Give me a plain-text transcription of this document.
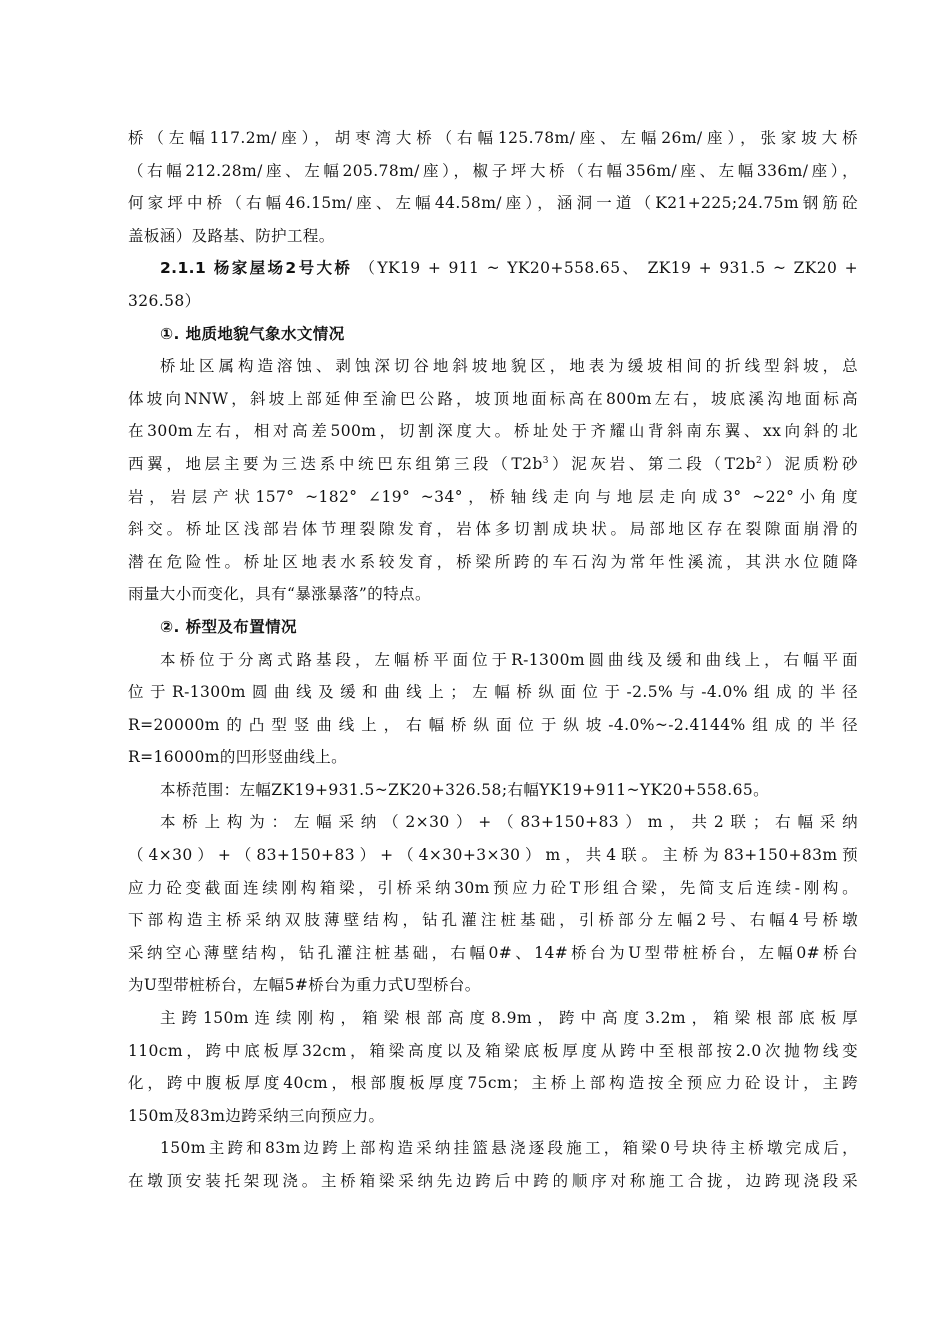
桥（左幅117.2m/座），胡枣湾大桥（右幅125.78m/座、左幅26m/座），张家坡大桥
（右幅212.28m/座、左幅205.78m/座），椒子坪大桥（右幅356m/座、左幅336m/座），
何家坪中桥（右幅46.15m/座、左幅44.58m/座），涵洞一道（K21+225;24.75m钢筋砼
盖板涵）及路基、防护工程。
2.1.1 杨家屋场2号大桥 （YK19 + 911 ~ YK20+558.65、 ZK19 + 931.5 ~ ZK20 +
326.58）
①. 地质地貌气象水文情况
桥址区属构造溶蚀、剥蚀深切谷地斜坡地貌区，地表为缓坡相间的折线型斜坡，总
体坡向NNW，斜坡上部延伸至渝巴公路，坡顶地面标高在800m左右，坡底溪沟地面标高
在300m左右，相对高差500m，切割深度大。桥址处于齐耀山背斜南东翼、xx向斜的北
西翼，地层主要为三迭系中统巴东组第三段$(T2b^3)$泥灰岩、第二段$(T2b^2)$泥质粉砂
岩，岩层产状157° ~182° ∠19° ~34°，桥轴线走向与地层走向成3° ~22°小角度
斜交。桥址区浅部岩体节理裂隙发育，岩体多切割成块状。局部地区存在裂隙面崩滑的
潜在危险性。桥址区地表水系较发育，桥梁所跨的车石沟为常年性溪流，其洪水位随降
雨量大小而变化，具有“暴涨暴落”的特点。
②. 桥型及布置情况
本桥位于分离式路基段，左幅桥平面位于R-1300m圆曲线及缓和曲线上，右幅平面
位于R-1300m圆曲线及缓和曲线上；左幅桥纵面位于-2.5%与-4.0%组成的半径
R=20000m的凸型竖曲线上，右幅桥纵面位于纵坡-4.0%~-2.4144%组成的半径
R=16000m的凹形竖曲线上。
本桥范围：左幅ZK19+931.5~ZK20+326.58;右幅YK19+911~YK20+558.65。
本桥上构为：左幅采纳（2×30）+（83+150+83）m，共2联；右幅采纳
（4×30）+（83+150+83）+（4×30+3×30）m，共4联。主桥为83+150+83m预
应力砼变截面连续刚构箱梁，引桥采纳30m预应力砼T形组合梁，先简支后连续-刚构。
下部构造主桥采纳双肢薄壁结构，钻孔灌注桩基础，引桥部分左幅2号、右幅4号桥墩
采纳空心薄壁结构，钻孔灌注桩基础，右幅0#、14#桥台为U型带桩桥台，左幅0#桥台
为U型带桩桥台，左幅5#桥台为重力式U型桥台。
主跨150m连续刚构，箱梁根部高度8.9m，跨中高度3.2m，箱梁根部底板厚
110cm，跨中底板厚32cm，箱梁高度以及箱梁底板厚度从跨中至根部按2.0次抛物线变
化，跨中腹板厚度40cm，根部腹板厚度75cm；主桥上部构造按全预应力砼设计，主跨
150m及83m边跨采纳三向预应力。
150m主跨和83m边跨上部构造采纳挂篮悬浇逐段施工，箱梁0号块待主桥墩完成后，
在墩顶安装托架现浇。主桥箱梁采纳先边跨后中跨的顺序对称施工合拢，边跨现浇段采
